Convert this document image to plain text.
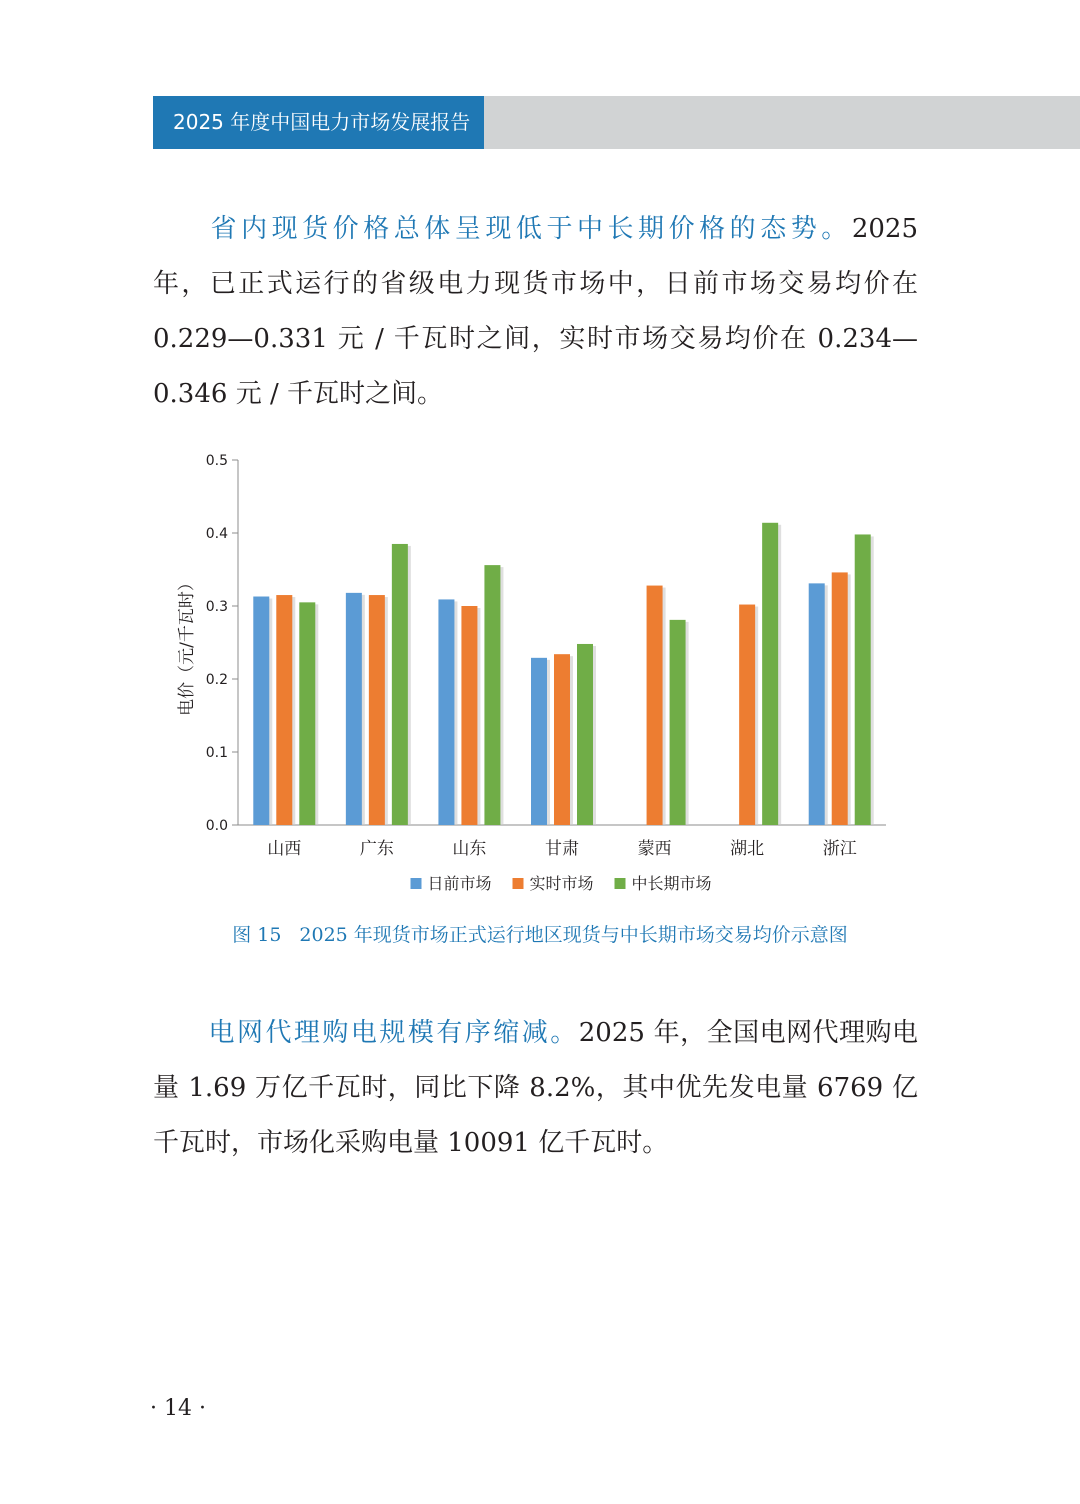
2025 年度中国电力市场发展报告

省内现货价格总体呈现低于中长期价格的态势。2025 年，已正式运行的省级电力现货市场中，日前市场交易均价在 0.229—0.331 元 / 千瓦时之间，实时市场交易均价在 0.234—0.346 元 / 千瓦时之间。

0.0
0.1
0.2
0.3
0.4
0.5
山西	广东	山东	甘肃	蒙西	湖北	浙江
日前市场 实时市场 中长期市场
电价（元/千瓦时）
图 15 2025 年现货市场正式运行地区现货与中长期市场交易均价示意图

电网代理购电规模有序缩减。2025 年，全国电网代理购电量 1.69 万亿千瓦时，同比下降 8.2%，其中优先发电量 6769 亿千瓦时，市场化采购电量 10091 亿千瓦时。

· 14 ·
